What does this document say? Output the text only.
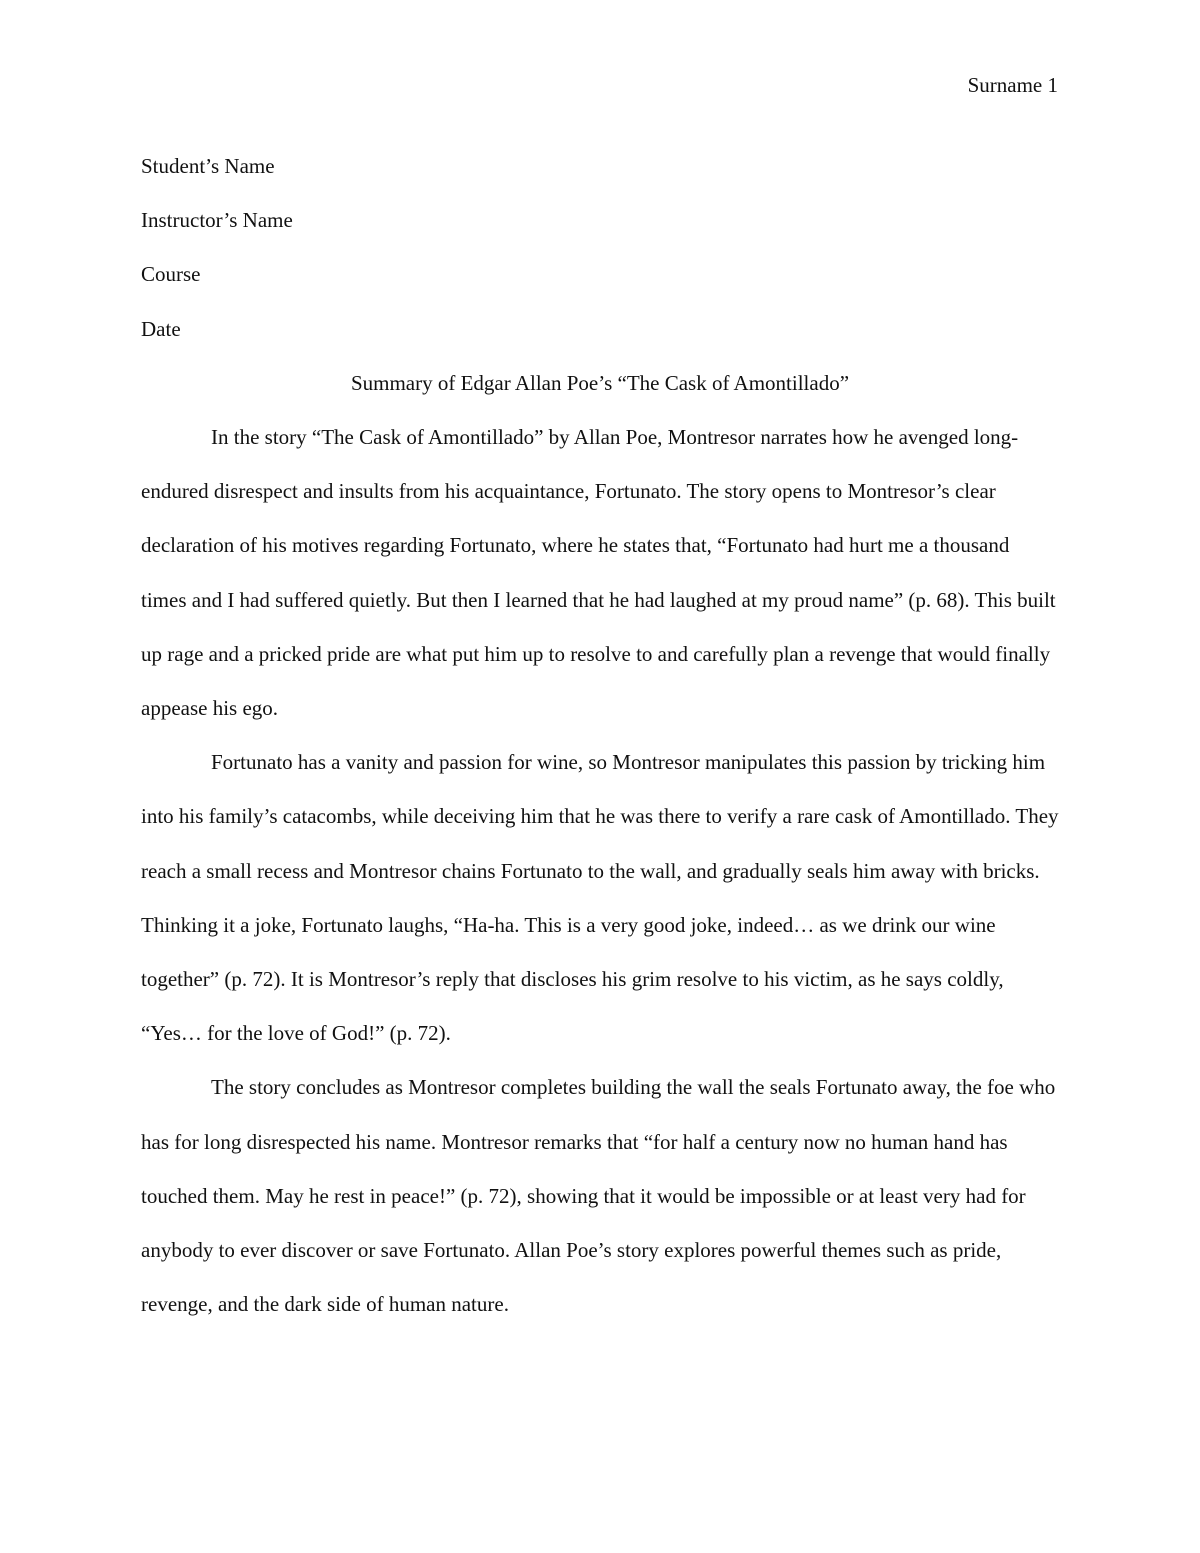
Surname 1

Student’s Name

Instructor’s Name

Course

Date

Summary of Edgar Allan Poe’s “The Cask of Amontillado”

In the story “The Cask of Amontillado” by Allan Poe, Montresor narrates how he avenged long-endured disrespect and insults from his acquaintance, Fortunato. The story opens to Montresor’s clear declaration of his motives regarding Fortunato, where he states that, “Fortunato had hurt me a thousand times and I had suffered quietly. But then I learned that he had laughed at my proud name” (p. 68). This built up rage and a pricked pride are what put him up to resolve to and carefully plan a revenge that would finally appease his ego.

Fortunato has a vanity and passion for wine, so Montresor manipulates this passion by tricking him into his family’s catacombs, while deceiving him that he was there to verify a rare cask of Amontillado. They reach a small recess and Montresor chains Fortunato to the wall, and gradually seals him away with bricks. Thinking it a joke, Fortunato laughs, “Ha-ha. This is a very good joke, indeed… as we drink our wine together” (p. 72). It is Montresor’s reply that discloses his grim resolve to his victim, as he says coldly, “Yes… for the love of God!” (p. 72).

The story concludes as Montresor completes building the wall the seals Fortunato away, the foe who has for long disrespected his name. Montresor remarks that “for half a century now no human hand has touched them. May he rest in peace!” (p. 72), showing that it would be impossible or at least very had for anybody to ever discover or save Fortunato. Allan Poe’s story explores powerful themes such as pride, revenge, and the dark side of human nature.
